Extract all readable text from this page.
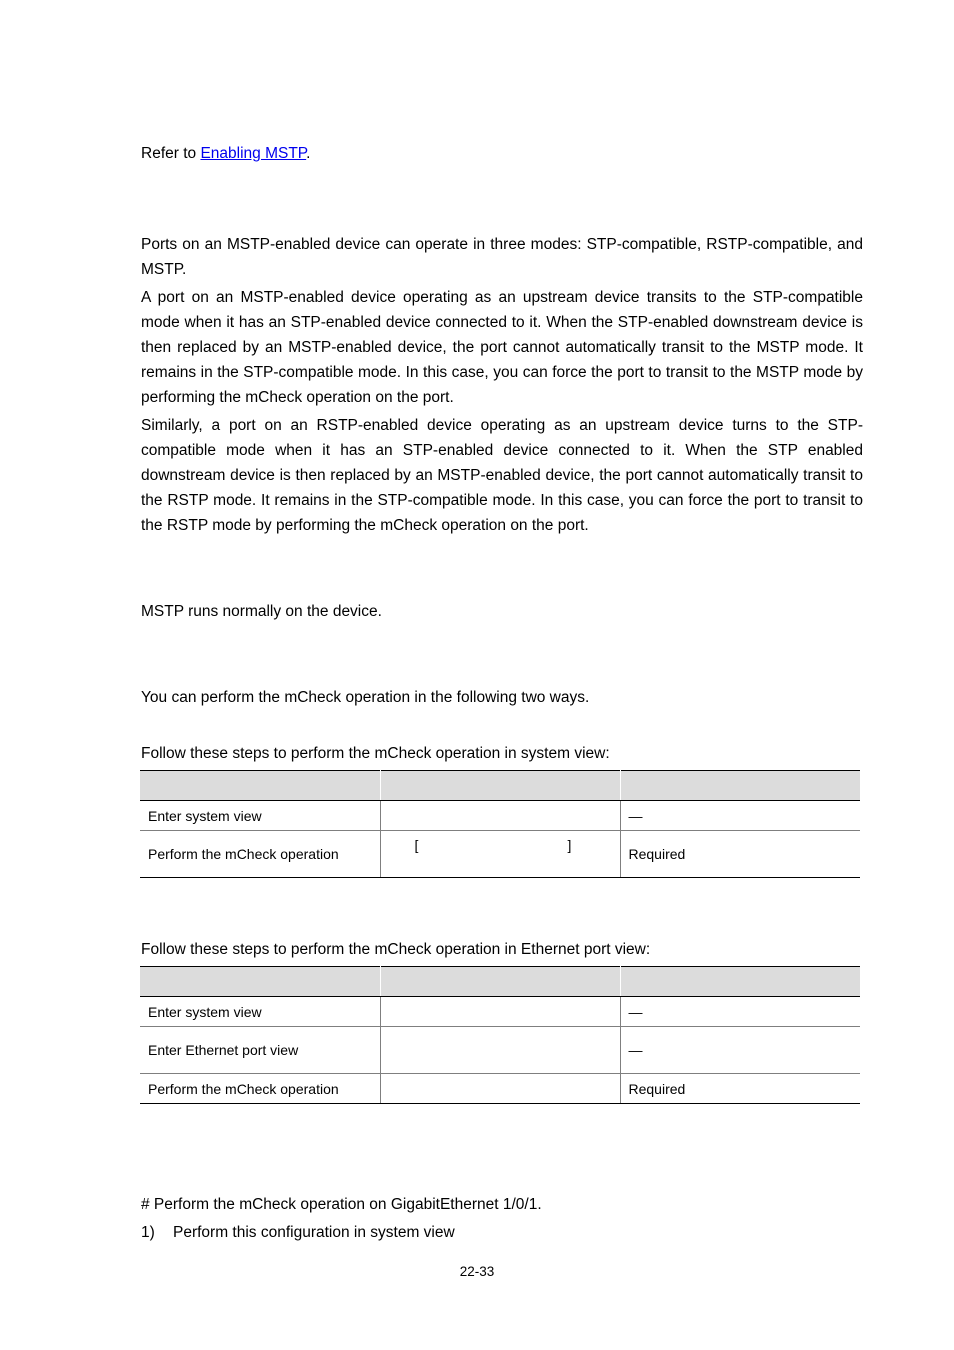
Refer to Enabling MSTP.

Ports on an MSTP-enabled device can operate in three modes: STP-compatible, RSTP-compatible, and MSTP.

A port on an MSTP-enabled device operating as an upstream device transits to the STP-compatible mode when it has an STP-enabled device connected to it. When the STP-enabled downstream device is then replaced by an MSTP-enabled device, the port cannot automatically transit to the MSTP mode. It remains in the STP-compatible mode. In this case, you can force the port to transit to the MSTP mode by performing the mCheck operation on the port.

Similarly, a port on an RSTP-enabled device operating as an upstream device turns to the STP-compatible mode when it has an STP-enabled device connected to it. When the STP enabled downstream device is then replaced by an MSTP-enabled device, the port cannot automatically transit to the RSTP mode. It remains in the STP-compatible mode. In this case, you can force the port to transit to the RSTP mode by performing the mCheck operation on the port.

MSTP runs normally on the device.

You can perform the mCheck operation in the following two ways.

Follow these steps to perform the mCheck operation in system view:

Enter system view		—
Perform the mCheck operation	[ ]	Required

Follow these steps to perform the mCheck operation in Ethernet port view:

Enter system view		—
Enter Ethernet port view		—
Perform the mCheck operation		Required

# Perform the mCheck operation on GigabitEthernet 1/0/1.

1) Perform this configuration in system view

22-33
